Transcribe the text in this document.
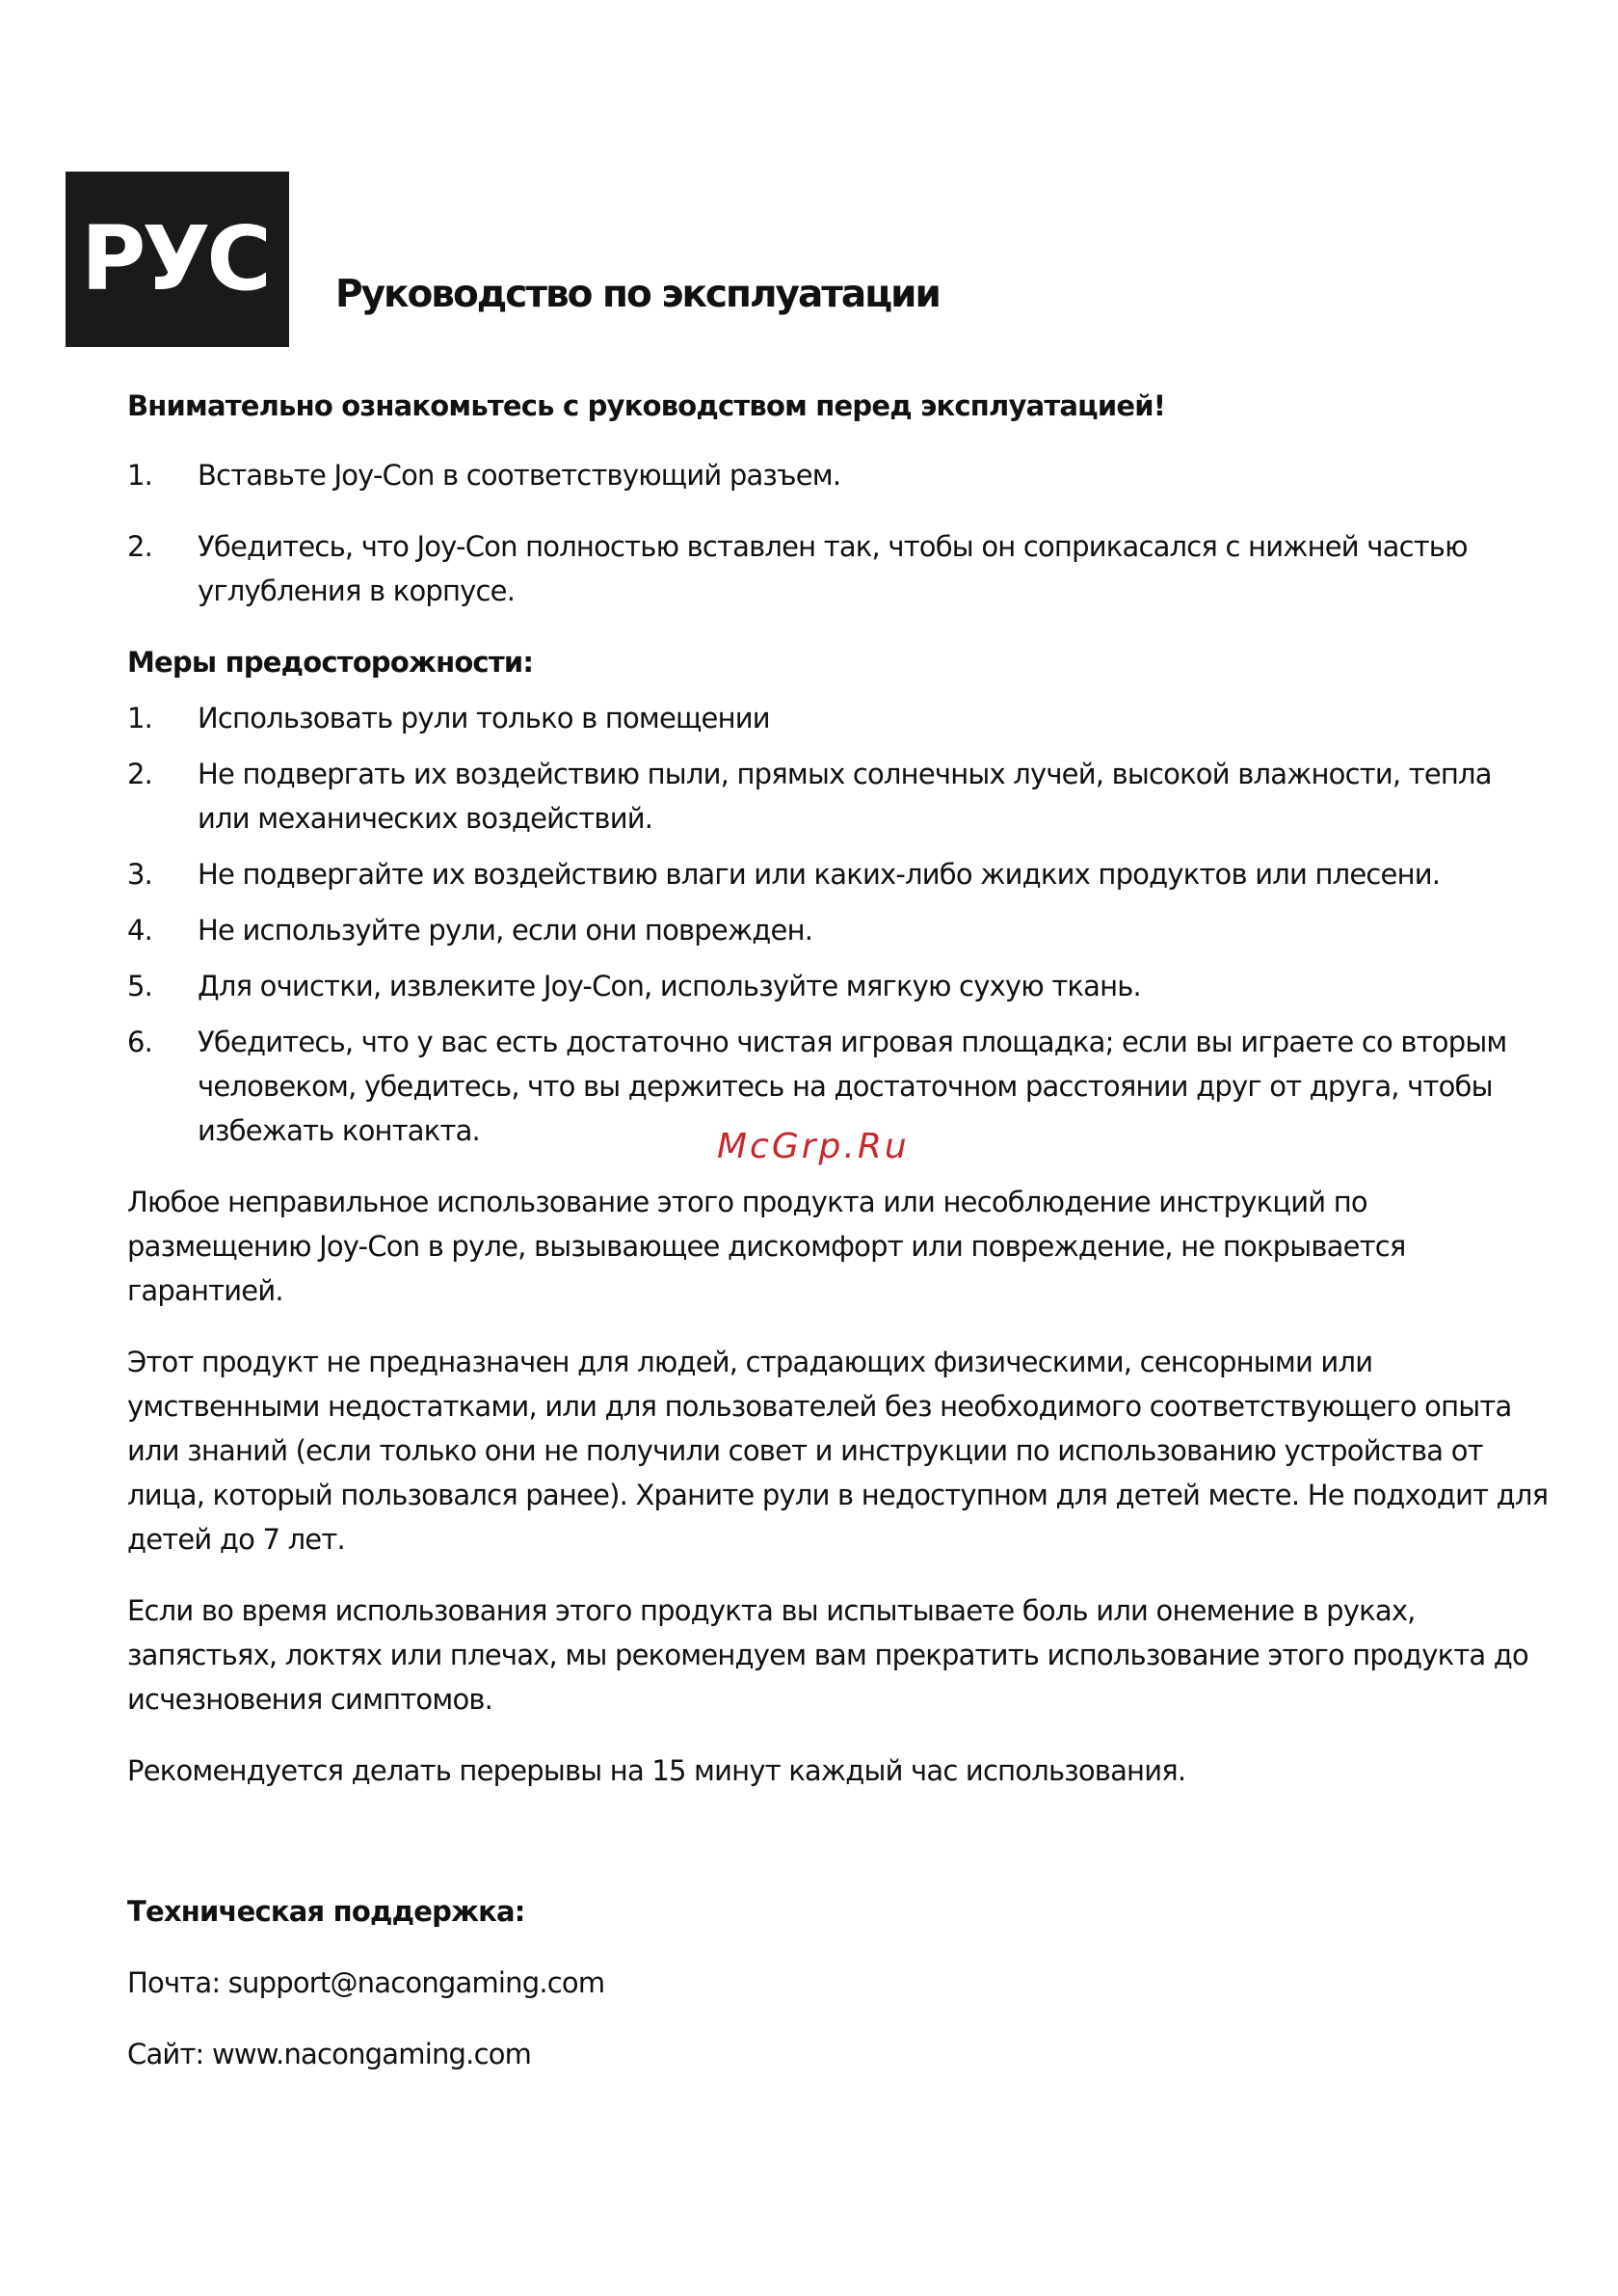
РУС	Руководство по эксплуатации

Внимательно ознакомьтесь с руководством перед эксплуатацией!

1. Вставьте Joy-Con в соответствующий разъем.
2. Убедитесь, что Joy-Con полностью вставлен так, чтобы он соприкасался с нижней частью углубления в корпусе.

Меры предосторожности:

1. Использовать рули только в помещении
2. Не подвергать их воздействию пыли, прямых солнечных лучей, высокой влажности, тепла или механических воздействий.
3. Не подвергайте их воздействию влаги или каких-либо жидких продуктов или плесени.
4. Не используйте рули, если они поврежден.
5. Для очистки, извлеките Joy-Con, используйте мягкую сухую ткань.
6. Убедитесь, что у вас есть достаточно чистая игровая площадка; если вы играете со вторым человеком, убедитесь, что вы держитесь на достаточном расстоянии друг от друга, чтобы избежать контакта.

Любое неправильное использование этого продукта или несоблюдение инструкций по размещению Joy-Con в руле, вызывающее дискомфорт или повреждение, не покрывается гарантией.

Этот продукт не предназначен для людей, страдающих физическими, сенсорными или умственными недостатками, или для пользователей без необходимого соответствующего опыта или знаний (если только они не получили совет и инструкции по использованию устройства от лица, который пользовался ранее). Храните рули в недоступном для детей месте. Не подходит для детей до 7 лет.

Если во время использования этого продукта вы испытываете боль или онемение в руках, запястьях, локтях или плечах, мы рекомендуем вам прекратить использование этого продукта до исчезновения симптомов.

Рекомендуется делать перерывы на 15 минут каждый час использования.

Техническая поддержка:

Почта: support@nacongaming.com

Сайт: www.nacongaming.com

McGrp.Ru
